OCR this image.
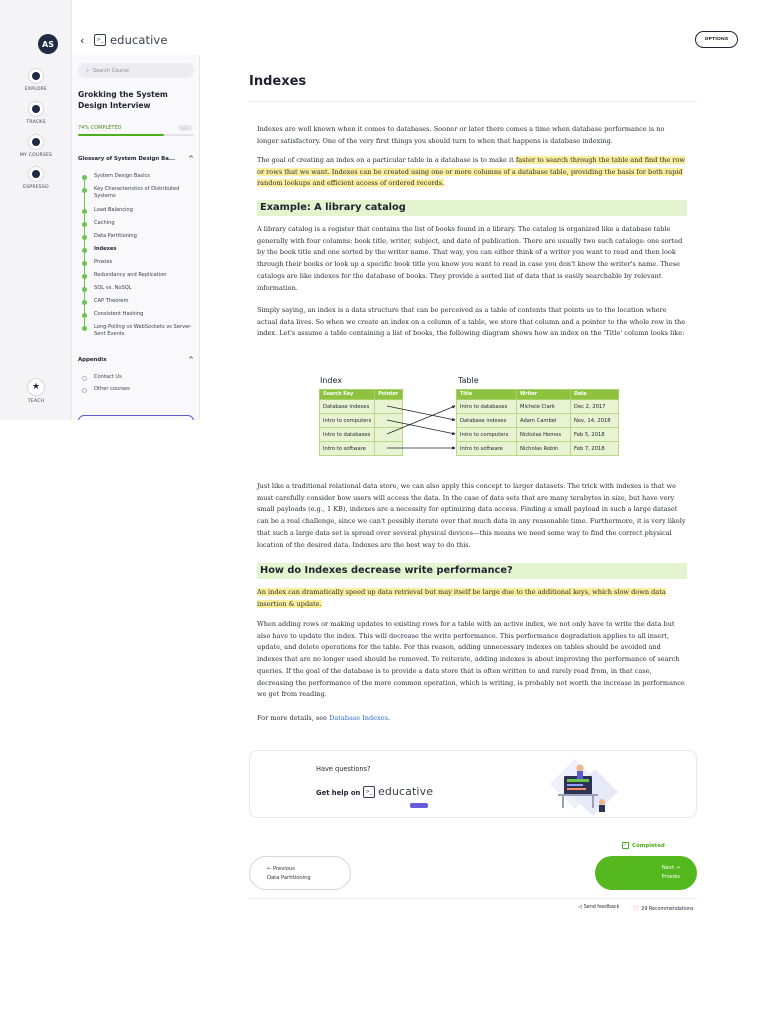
AS
EXPLORE
TRACKS
MY COURSES
ESPRESSO
★
TEACH
‹	>_ educative	OPTIONS
⌕ Search Course
Grokking the System Design Interview
74% COMPLETED	•••
Glossary of System Design Ba... ^
System Design Basics
Key Characteristics of Distributed Systems
Load Balancing
Caching
Data Partitioning
Indexes
Proxies
Redundancy and Replication
SQL vs. NoSQL
CAP Theorem
Consistent Hashing
Long-Polling vs WebSockets vs Server-Sent Events
Appendix	^
Contact Us
Other courses
Indexes

Indexes are well known when it comes to databases. Sooner or later there comes a time when database performance is no longer satisfactory. One of the very first things you should turn to when that happens is database indexing.

The goal of creating an index on a particular table in a database is to make it faster to search through the table and find the row or rows that we want. Indexes can be created using one or more columns of a database table, providing the basis for both rapid random lookups and efficient access of ordered records.

Example: A library catalog

A library catalog is a register that contains the list of books found in a library. The catalog is organized like a database table generally with four columns: book title, writer, subject, and date of publication. There are usually two such catalogs: one sorted by the book title and one sorted by the writer name. That way, you can either think of a writer you want to read and then look through their books or look up a specific book title you know you want to read in case you don't know the writer's name. These catalogs are like indexes for the database of books. They provide a sorted list of data that is easily searchable by relevant information.

Simply saying, an index is a data structure that can be perceived as a table of contents that points us to the location where actual data lives. So when we create an index on a column of a table, we store that column and a pointer to the whole row in the index. Let's assume a table containing a list of books, the following diagram shows how an index on the 'Title' column looks like:

Just like a traditional relational data store, we can also apply this concept to larger datasets. The trick with indexes is that we must carefully consider how users will access the data. In the case of data sets that are many terabytes in size, but have very small payloads (e.g., 1 KB), indexes are a necessity for optimizing data access. Finding a small payload in such a large dataset can be a real challenge, since we can't possibly iterate over that much data in any reasonable time. Furthermore, it is very likely that such a large data set is spread over several physical devices—this means we need some way to find the correct physical location of the desired data. Indexes are the best way to do this.

How do Indexes decrease write performance?

An index can dramatically speed up data retrieval but may itself be large due to the additional keys, which slow down data insertion & update.

When adding rows or making updates to existing rows for a table with an active index, we not only have to write the data but also have to update the index. This will decrease the write performance. This performance degradation applies to all insert, update, and delete operations for the table. For this reason, adding unnecessary indexes on tables should be avoided and indexes that are no longer used should be removed. To reiterate, adding indexes is about improving the performance of search queries. If the goal of the database is to provide a data store that is often written to and rarely read from, in that case, decreasing the performance of the more common operation, which is writing, is probably not worth the increase in performance we get from reading.

For more details, see Database Indexes.

Index	Table
Search Key	Pointer
Database indexes	
Intro to computers	
Intro to databases	
Intro to software	
Title	Writer	Date
Intro to databases	Michele Clark	Dec 2, 2017
Database indexes	Adam Cambel	Nov, 14, 2018
Intro to computers	Nickolas Homes	Feb 5, 2018
Intro to software	Nicholas Robin	Feb 7, 2018
Have questions?
Get help on	>_ educative
✓ Completed
← Previous
Data Partitioning
Next →
Proxies
◁ Send feedback ♡ 29 Recommendations
